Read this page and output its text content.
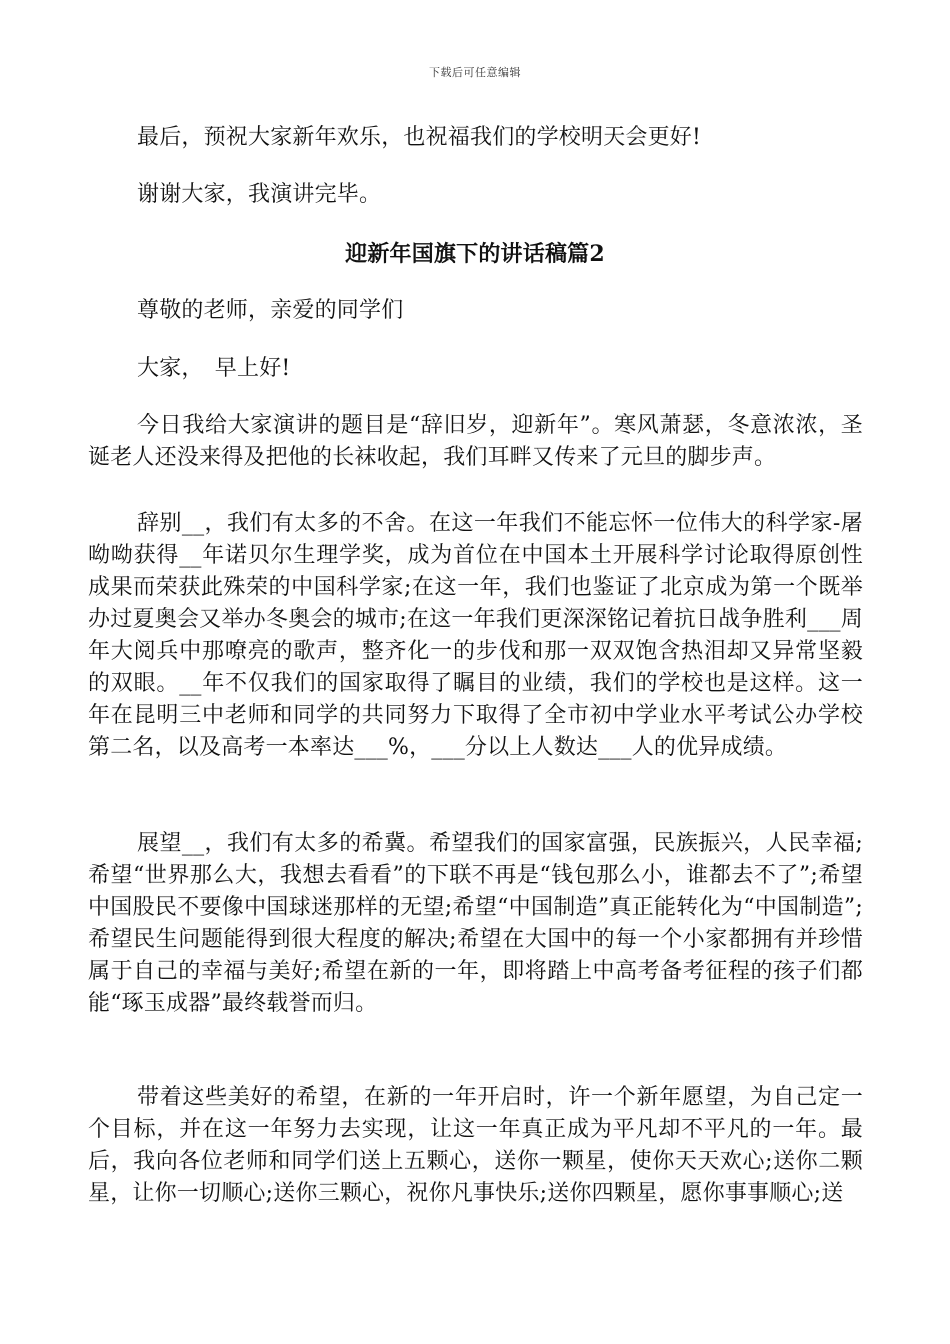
下载后可任意编辑
最后，预祝大家新年欢乐，也祝福我们的学校明天会更好!
谢谢大家，我演讲完毕。
迎新年国旗下的讲话稿篇2
尊敬的老师，亲爱的同学们
大家，　早上好!

今日我给大家演讲的题目是“辞旧岁，迎新年”。寒风萧瑟，冬意浓浓，圣诞老人还没来得及把他的长袜收起，我们耳畔又传来了元旦的脚步声。

辞别__，我们有太多的不舍。在这一年我们不能忘怀一位伟大的科学家-屠呦呦获得__年诺贝尔生理学奖，成为首位在中国本土开展科学讨论取得原创性成果而荣获此殊荣的中国科学家;在这一年，我们也鉴证了北京成为第一个既举办过夏奥会又举办冬奥会的城市;在这一年我们更深深铭记着抗日战争胜利___周年大阅兵中那嘹亮的歌声，整齐化一的步伐和那一双双饱含热泪却又异常坚毅的双眼。__年不仅我们的国家取得了瞩目的业绩，我们的学校也是这样。这一年在昆明三中老师和同学的共同努力下取得了全市初中学业水平考试公办学校第二名，以及高考一本率达___%，___分以上人数达___人的优异成绩。

展望__，我们有太多的希冀。希望我们的国家富强，民族振兴，人民幸福;希望“世界那么大，我想去看看”的下联不再是“钱包那么小，谁都去不了”;希望中国股民不要像中国球迷那样的无望;希望“中国制造”真正能转化为“中国制造”;希望民生问题能得到很大程度的解决;希望在大国中的每一个小家都拥有并珍惜属于自己的幸福与美好;希望在新的一年，即将踏上中高考备考征程的孩子们都能“琢玉成器”最终载誉而归。

带着这些美好的希望，在新的一年开启时，许一个新年愿望，为自己定一个目标，并在这一年努力去实现，让这一年真正成为平凡却不平凡的一年。最后，我向各位老师和同学们送上五颗心，送你一颗星，使你天天欢心;送你二颗星，让你一切顺心;送你三颗心，祝你凡事快乐;送你四颗星，愿你事事顺心;送
